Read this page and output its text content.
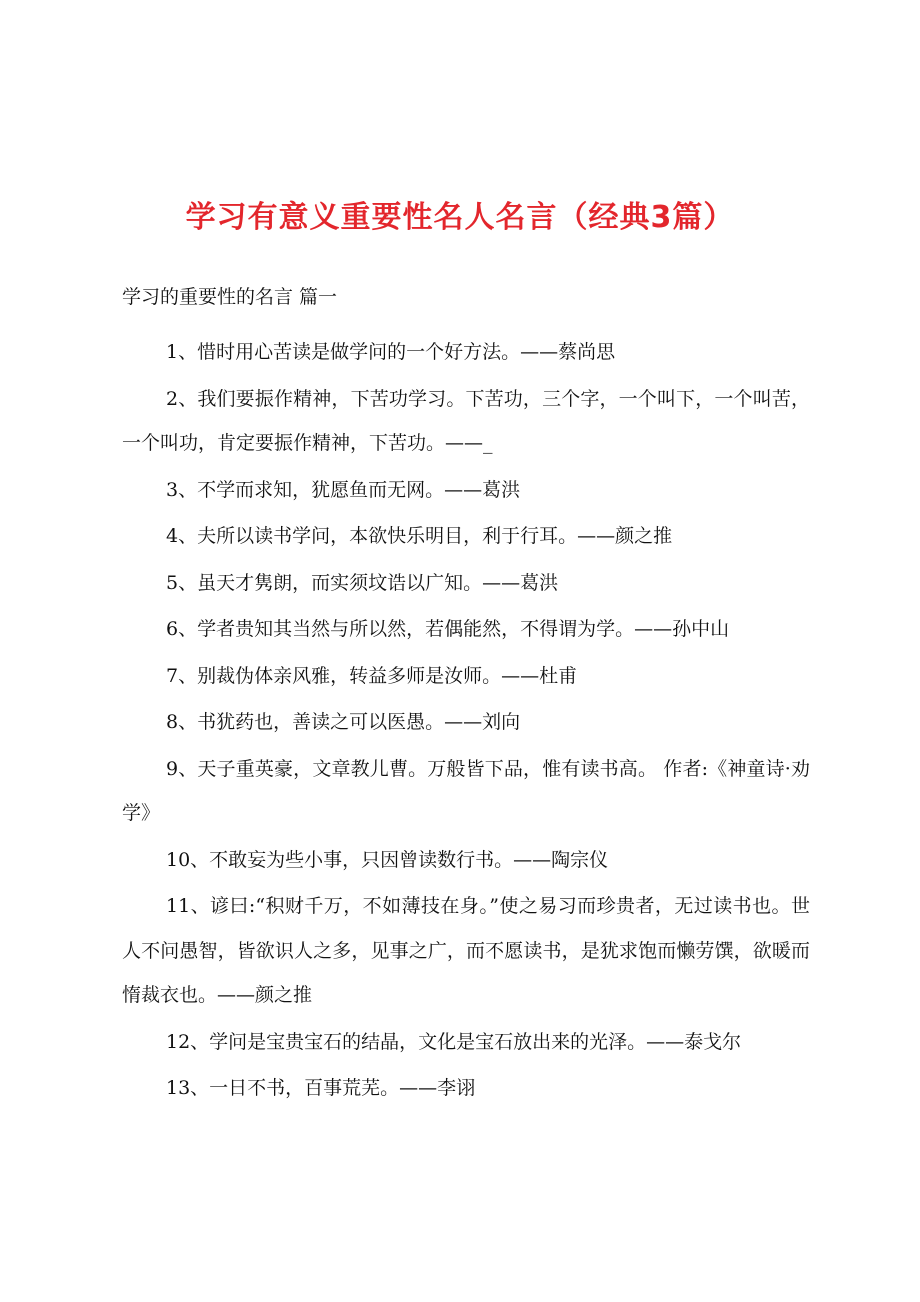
学习有意义重要性名人名言（经典3篇）

学习的重要性的名言 篇一

1、惜时用心苦读是做学问的一个好方法。——蔡尚思
2、我们要振作精神，下苦功学习。下苦功，三个字，一个叫下，一个叫苦，一个叫功，肯定要振作精神，下苦功。——_
3、不学而求知，犹愿鱼而无网。——葛洪
4、夫所以读书学问，本欲快乐明目，利于行耳。——颜之推
5、虽天才隽朗，而实须坟诰以广知。——葛洪
6、学者贵知其当然与所以然，若偶能然，不得谓为学。——孙中山
7、别裁伪体亲风雅，转益多师是汝师。——杜甫
8、书犹药也，善读之可以医愚。——刘向
9、天子重英豪，文章教儿曹。万般皆下品，惟有读书高。 作者:《神童诗·劝学》
10、不敢妄为些小事，只因曾读数行书。——陶宗仪
11、谚曰:“积财千万，不如薄技在身。”使之易习而珍贵者，无过读书也。世人不问愚智，皆欲识人之多，见事之广，而不愿读书，是犹求饱而懒劳馔，欲暖而惰裁衣也。——颜之推
12、学问是宝贵宝石的结晶，文化是宝石放出来的光泽。——泰戈尔
13、一日不书，百事荒芜。——李诩
